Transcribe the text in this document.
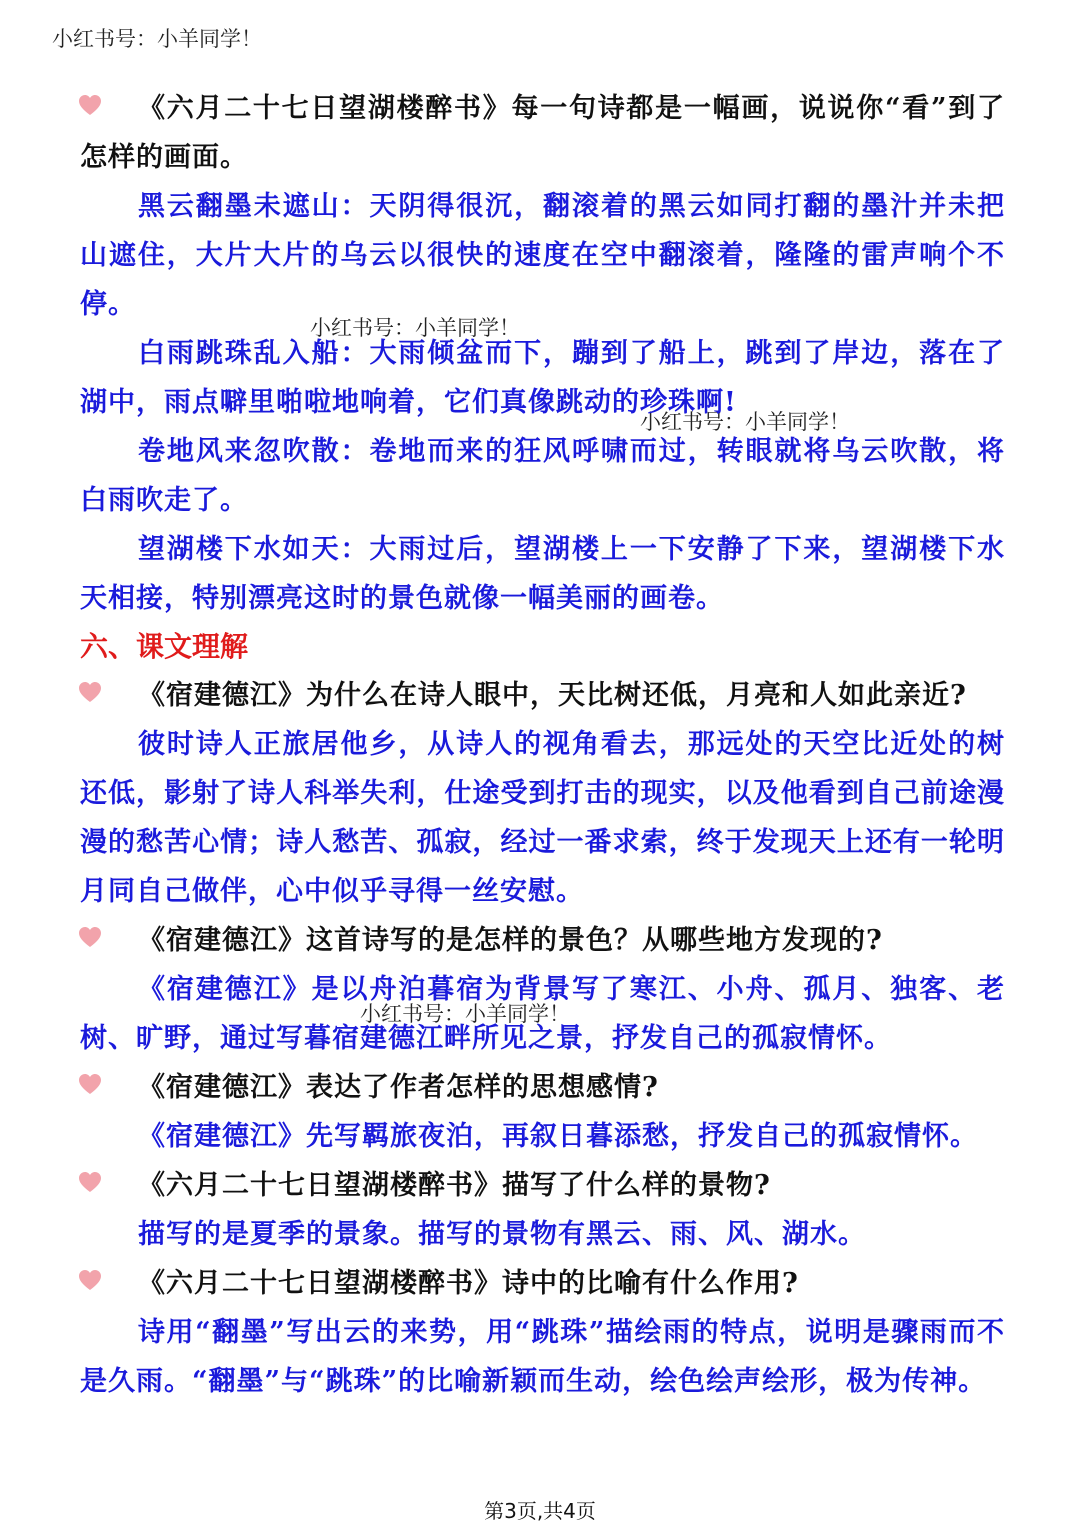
小红书号：小羊同学！
小红书号：小羊同学！
小红书号：小羊同学！
小红书号：小羊同学！
《六月二十七日望湖楼醉书》每一句诗都是一幅画，说说你“看”到了怎样的画面。
黑云翻墨未遮山：天阴得很沉，翻滚着的黑云如同打翻的墨汁并未把山遮住，大片大片的乌云以很快的速度在空中翻滚着，隆隆的雷声响个不停。
白雨跳珠乱入船：大雨倾盆而下，蹦到了船上，跳到了岸边，落在了湖中，雨点噼里啪啦地响着，它们真像跳动的珍珠啊!
卷地风来忽吹散：卷地而来的狂风呼啸而过，转眼就将乌云吹散，将白雨吹走了。
望湖楼下水如天：大雨过后，望湖楼上一下安静了下来，望湖楼下水天相接，特别漂亮这时的景色就像一幅美丽的画卷。
六、课文理解
《宿建德江》为什么在诗人眼中，天比树还低，月亮和人如此亲近?
彼时诗人正旅居他乡，从诗人的视角看去，那远处的天空比近处的树还低，影射了诗人科举失利，仕途受到打击的现实，以及他看到自己前途漫漫的愁苦心情；诗人愁苦、孤寂，经过一番求索，终于发现天上还有一轮明月同自己做伴，心中似乎寻得一丝安慰。
《宿建德江》这首诗写的是怎样的景色？从哪些地方发现的?
《宿建德江》是以舟泊暮宿为背景写了寒江、小舟、孤月、独客、老树、旷野，通过写暮宿建德江畔所见之景，抒发自己的孤寂情怀。
《宿建德江》表达了作者怎样的思想感情?
《宿建德江》先写羁旅夜泊，再叙日暮添愁，抒发自己的孤寂情怀。
《六月二十七日望湖楼醉书》描写了什么样的景物?
描写的是夏季的景象。描写的景物有黑云、雨、风、湖水。
《六月二十七日望湖楼醉书》诗中的比喻有什么作用?
诗用“翻墨”写出云的来势，用“跳珠”描绘雨的特点，说明是骤雨而不是久雨。“翻墨”与“跳珠”的比喻新颖而生动，绘色绘声绘形，极为传神。
第3页,共4页
